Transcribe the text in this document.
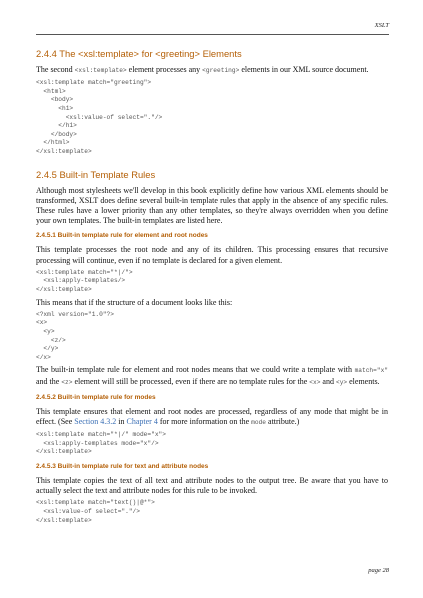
XSLT
2.4.4 The <xsl:template> for <greeting> Elements

The second <xsl:template> element processes any <greeting> elements in our XML source document.

<xsl:template match="greeting">
<html>
<body>
<h1>
<xsl:value-of select="."/>
</h1>
</body>
</html>
</xsl:template>
2.4.5 Built-in Template Rules

Although most stylesheets we'll develop in this book explicitly define how various XML elements should be transformed, XSLT does define several built-in template rules that apply in the absence of any specific rules. These rules have a lower priority than any other templates, so they're always overridden when you define your own templates. The built-in templates are listed here.

2.4.5.1 Built-in template rule for element and root nodes

This template processes the root node and any of its children. This processing ensures that recursive processing will continue, even if no template is declared for a given element.

<xsl:template match="*|/">
<xsl:apply-templates/>
</xsl:template>

This means that if the structure of a document looks like this:

<?xml version="1.0"?>
<x>
<y>
<z/>
</y>
</x>

The built-in template rule for element and root nodes means that we could write a template with match="x" and the <z> element will still be processed, even if there are no template rules for the <x> and <y> elements.

2.4.5.2 Built-in template rule for modes

This template ensures that element and root nodes are processed, regardless of any mode that might be in effect. (See Section 4.3.2 in Chapter 4 for more information on the mode attribute.)

<xsl:template match="*|/" mode="x">
<xsl:apply-templates mode="x"/>
</xsl:template>
2.4.5.3 Built-in template rule for text and attribute nodes

This template copies the text of all text and attribute nodes to the output tree. Be aware that you have to actually select the text and attribute nodes for this rule to be invoked.

<xsl:template match="text()|@*">
<xsl:value-of select="."/>
</xsl:template>
page 28
